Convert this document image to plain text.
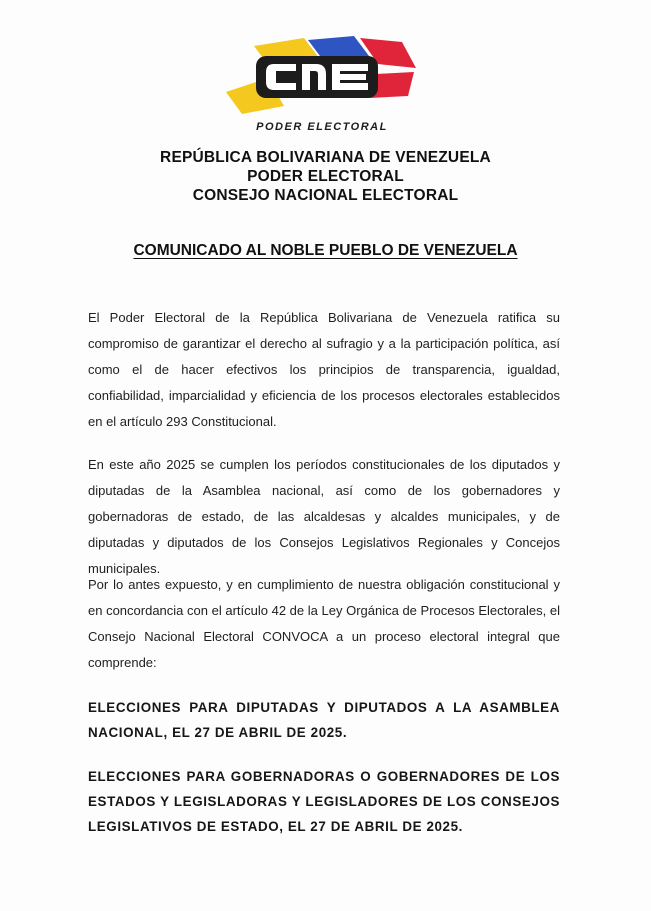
PODER ELECTORAL
REPÚBLICA BOLIVARIANA DE VENEZUELA
PODER ELECTORAL
CONSEJO NACIONAL ELECTORAL
COMUNICADO AL NOBLE PUEBLO DE VENEZUELA

El Poder Electoral de la República Bolivariana de Venezuela ratifica su compromiso de garantizar el derecho al sufragio y a la participación política, así como el de hacer efectivos los principios de transparencia, igualdad, confiabilidad, imparcialidad y eficiencia de los procesos electorales establecidos en el artículo 293 Constitucional.

En este año 2025 se cumplen los períodos constitucionales de los diputados y diputadas de la Asamblea nacional, así como de los gobernadores y gobernadoras de estado, de las alcaldesas y alcaldes municipales, y de diputadas y diputados de los Consejos Legislativos Regionales y Concejos municipales.

Por lo antes expuesto, y en cumplimiento de nuestra obligación constitucional y en concordancia con el artículo 42 de la Ley Orgánica de Procesos Electorales, el Consejo Nacional Electoral CONVOCA a un proceso electoral integral que comprende:

ELECCIONES PARA DIPUTADAS Y DIPUTADOS A LA ASAMBLEA NACIONAL, EL 27 DE ABRIL DE 2025.

ELECCIONES PARA GOBERNADORAS O GOBERNADORES DE LOS ESTADOS Y LEGISLADORAS Y LEGISLADORES DE LOS CONSEJOS LEGISLATIVOS DE ESTADO, EL 27 DE ABRIL DE 2025.
